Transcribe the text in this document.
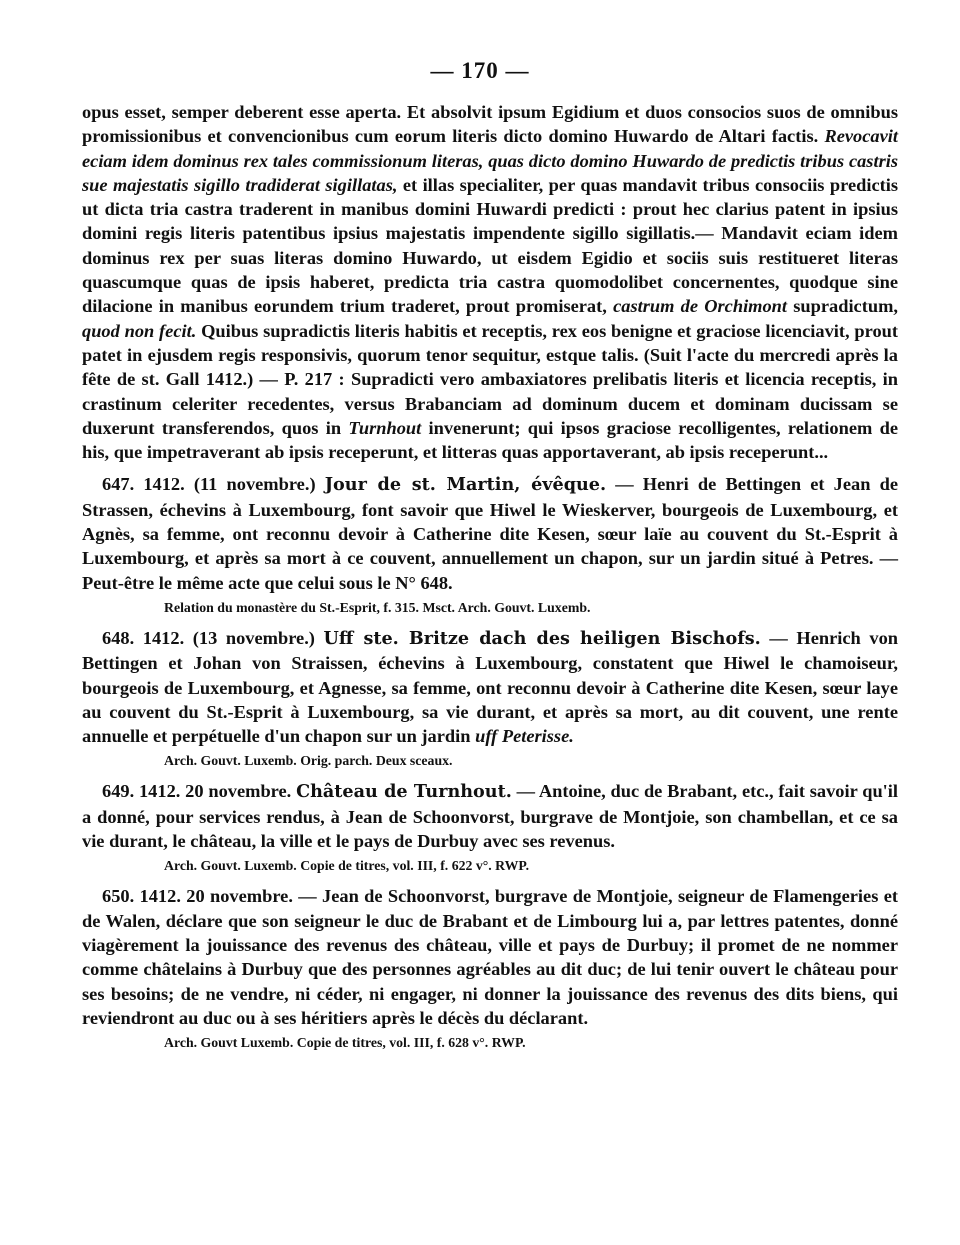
— 170 —

opus esset, semper deberent esse aperta. Et absolvit ipsum Egidium et duos consocios suos de omnibus promissionibus et convencionibus cum eorum literis dicto domino Huwardo de Altari factis. Revocavit eciam idem dominus rex tales commissionum literas, quas dicto domino Huwardo de predictis tribus castris sue majestatis sigillo tradiderat sigillatas, et illas specialiter, per quas mandavit tribus consociis predictis ut dicta tria castra traderent in manibus domini Huwardi predicti : prout hec clarius patent in ipsius domini regis literis patentibus ipsius majestatis impendente sigillo sigillatis.— Mandavit eciam idem dominus rex per suas literas domino Huwardo, ut eisdem Egidio et sociis suis restitueret literas quascumque quas de ipsis haberet, predicta tria castra quomodolibet concernentes, quodque sine dilacione in manibus eorundem trium traderet, prout promiserat, castrum de Orchimont supradictum, quod non fecit. Quibus supradictis literis habitis et receptis, rex eos benigne et graciose licenciavit, prout patet in ejusdem regis responsivis, quorum tenor sequitur, estque talis. (Suit l'acte du mercredi après la fête de st. Gall 1412.) — P. 217 : Supradicti vero ambaxiatores prelibatis literis et licencia receptis, in crastinum celeriter recedentes, versus Brabanciam ad dominum ducem et dominam ducissam se duxerunt transferendos, quos in Turnhout invenerunt; qui ipsos graciose recolligentes, relationem de his, que impetraverant ab ipsis receperunt, et litteras quas apportaverant, ab ipsis receperunt...

647. 1412. (11 novembre.) Jour de st. Martin, évêque. — Henri de Bettingen et Jean de Strassen, échevins à Luxembourg, font savoir que Hiwel le Wieskerver, bourgeois de Luxembourg, et Agnès, sa femme, ont reconnu devoir à Catherine dite Kesen, sœur laïe au couvent du St.-Esprit à Luxembourg, et après sa mort à ce couvent, annuellement un chapon, sur un jardin situé à Petres. — Peut-être le même acte que celui sous le N° 648.

Relation du monastère du St.-Esprit, f. 315. Msct. Arch. Gouvt. Luxemb.

648. 1412. (13 novembre.) Uff ste. Britze dach des heiligen Bischofs. — Henrich von Bettingen et Johan von Straissen, échevins à Luxembourg, constatent que Hiwel le chamoiseur, bourgeois de Luxembourg, et Agnesse, sa femme, ont reconnu devoir à Catherine dite Kesen, sœur laye au couvent du St.-Esprit à Luxembourg, sa vie durant, et après sa mort, au dit couvent, une rente annuelle et perpétuelle d'un chapon sur un jardin uff Peterisse.

Arch. Gouvt. Luxemb. Orig. parch. Deux sceaux.

649. 1412. 20 novembre. Château de Turnhout. — Antoine, duc de Brabant, etc., fait savoir qu'il a donné, pour services rendus, à Jean de Schoonvorst, burgrave de Montjoie, son chambellan, et ce sa vie durant, le château, la ville et le pays de Durbuy avec ses revenus.

Arch. Gouvt. Luxemb. Copie de titres, vol. III, f. 622 v°. RWP.

650. 1412. 20 novembre. — Jean de Schoonvorst, burgrave de Montjoie, seigneur de Flamengeries et de Walen, déclare que son seigneur le duc de Brabant et de Limbourg lui a, par lettres patentes, donné viagèrement la jouissance des revenus des château, ville et pays de Durbuy; il promet de ne nommer comme châtelains à Durbuy que des personnes agréables au dit duc; de lui tenir ouvert le château pour ses besoins; de ne vendre, ni céder, ni engager, ni donner la jouissance des revenus des dits biens, qui reviendront au duc ou à ses héritiers après le décès du déclarant.

Arch. Gouvt Luxemb. Copie de titres, vol. III, f. 628 v°. RWP.
